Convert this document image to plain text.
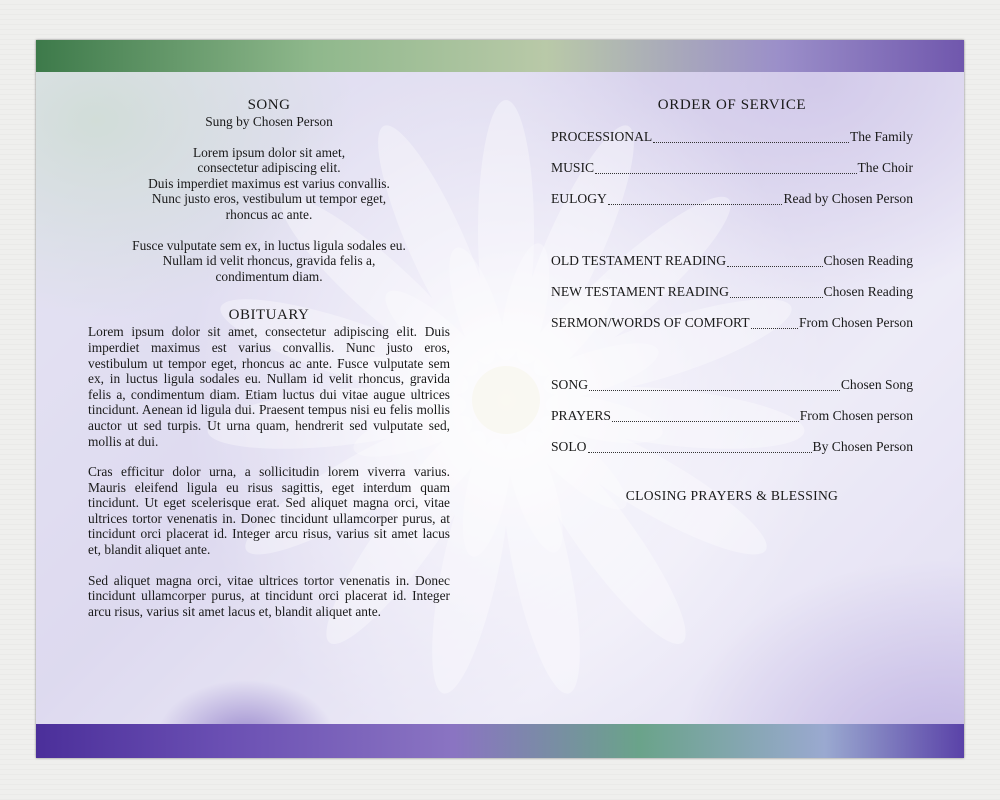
SONG

Sung by Chosen Person

Lorem ipsum dolor sit amet,

consectetur adipiscing elit.

Duis imperdiet maximus est varius convallis.

Nunc justo eros, vestibulum ut tempor eget,

rhoncus ac ante.

Fusce vulputate sem ex, in luctus ligula sodales eu.

Nullam id velit rhoncus, gravida felis a,

condimentum diam.

OBITUARY

Lorem ipsum dolor sit amet, consectetur adipiscing elit. Duis imperdiet maximus est varius convallis. Nunc justo eros, vestibulum ut tempor eget, rhoncus ac ante. Fusce vulputate sem ex, in luctus ligula sodales eu. Nullam id velit rhoncus, gravida felis a, condimentum diam. Etiam luctus dui vitae augue ultrices tincidunt. Aenean id ligula dui. Praesent tempus nisi eu felis mollis auctor ut sed turpis. Ut urna quam, hendrerit sed vulputate sed, mollis at dui.

Cras efficitur dolor urna, a sollicitudin lorem viverra varius. Mauris eleifend ligula eu risus sagittis, eget interdum quam tincidunt. Ut eget scelerisque erat. Sed aliquet magna orci, vitae ultrices tortor venenatis in. Donec tincidunt ullamcorper purus, at tincidunt orci placerat id. Integer arcu risus, varius sit amet lacus et, blandit aliquet ante.

Sed aliquet magna orci, vitae ultrices tortor venenatis in. Donec tincidunt ullamcorper purus, at tincidunt orci placerat id. Integer arcu risus, varius sit amet lacus et, blandit aliquet ante.

ORDER OF SERVICE

PROCESSIONAL	The Family
MUSIC	The Choir
EULOGY	Read by Chosen Person
OLD TESTAMENT READING	Chosen Reading
NEW TESTAMENT READING	Chosen Reading
SERMON/WORDS OF COMFORT	From Chosen Person
SONG	Chosen Song
PRAYERS	From Chosen person
SOLO	By Chosen Person

CLOSING PRAYERS & BLESSING
